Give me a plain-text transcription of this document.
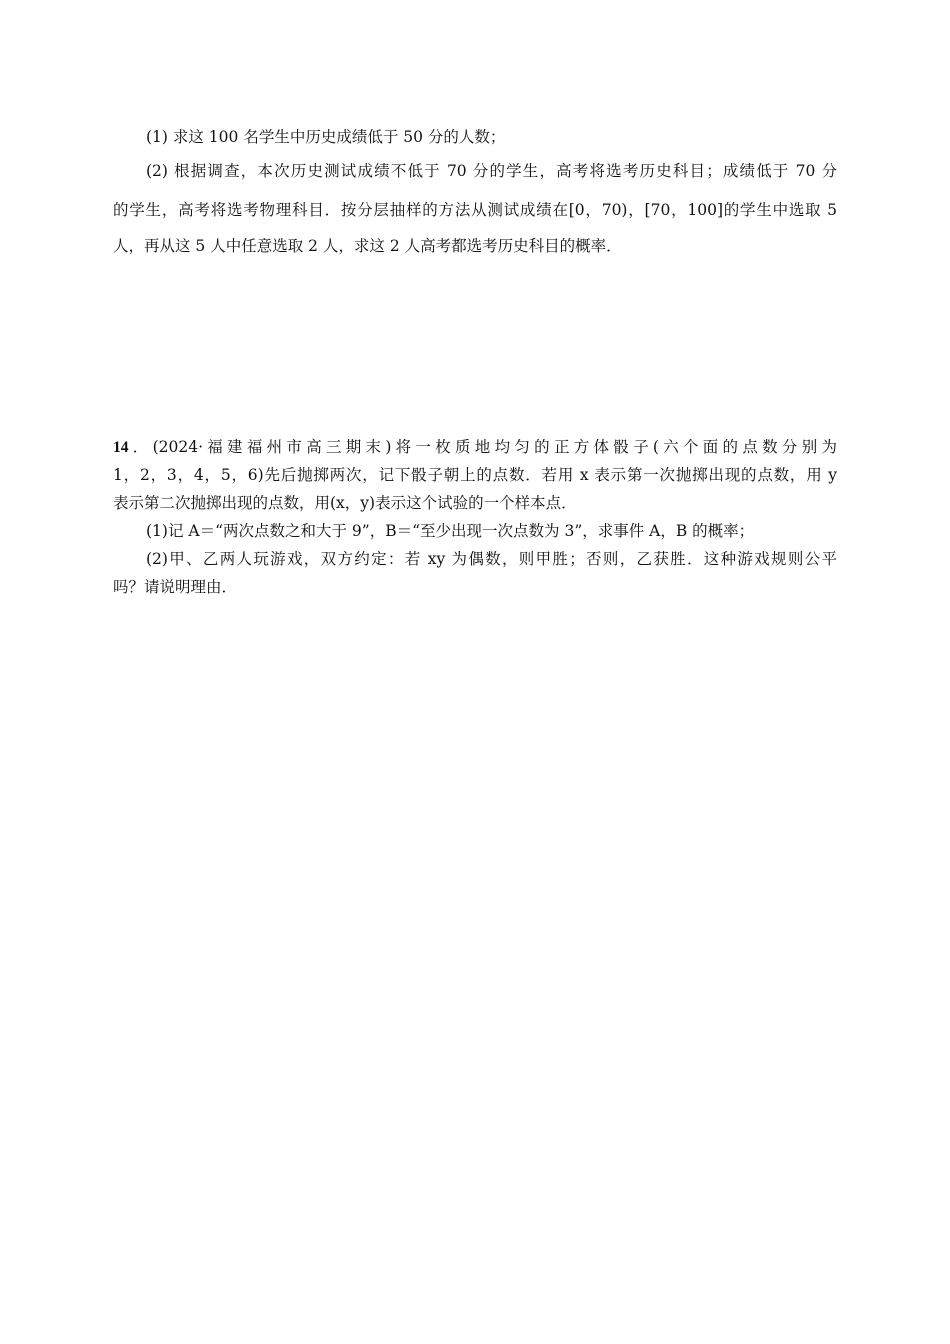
(1) 求这 100 名学生中历史成绩低于 50 分的人数；
(2) 根据调查，本次历史测试成绩不低于 70 分的学生，高考将选考历史科目；成绩低于 70 分
的学生，高考将选考物理科目．按分层抽样的方法从测试成绩在[0，70)，[70，100]的学生中选取 5
人，再从这 5 人中任意选取 2 人，求这 2 人高考都选考历史科目的概率．
14．(2024·福建福州市高三期末)将一枚质地均匀的正方体骰子(六个面的点数分别为
1，2，3，4，5，6)先后抛掷两次，记下骰子朝上的点数．若用 x 表示第一次抛掷出现的点数，用 y
表示第二次抛掷出现的点数，用(x，y)表示这个试验的一个样本点．
(1)记 A＝“两次点数之和大于 9”，B＝“至少出现一次点数为 3”，求事件 A，B 的概率；
(2)甲、乙两人玩游戏，双方约定：若 xy 为偶数，则甲胜；否则，乙获胜．这种游戏规则公平
吗？请说明理由．
